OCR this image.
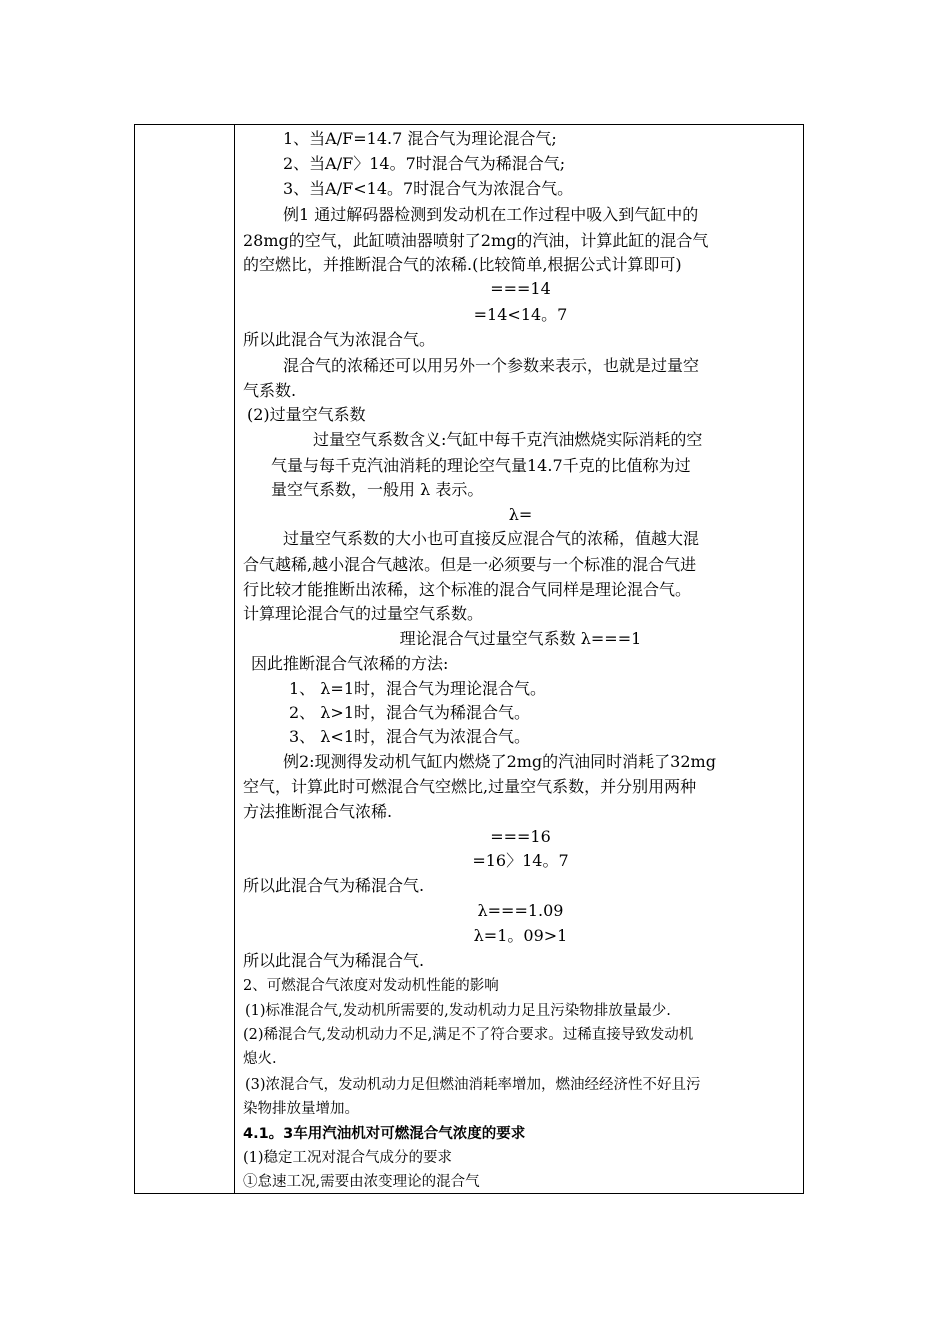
1、当A/F=14.7 混合气为理论混合气;
2、当A/F〉14。7时混合气为稀混合气;
3、当A/F<14。7时混合气为浓混合气。
例1 通过解码器检测到发动机在工作过程中吸入到气缸中的
28mg的空气，此缸喷油器喷射了2mg的汽油，计算此缸的混合气
的空燃比，并推断混合气的浓稀.(比较简单,根据公式计算即可)
===14
=14<14。7
所以此混合气为浓混合气。
混合气的浓稀还可以用另外一个参数来表示，也就是过量空
气系数.
(2)过量空气系数
过量空气系数含义:气缸中每千克汽油燃烧实际消耗的空
气量与每千克汽油消耗的理论空气量14.7千克的比值称为过
量空气系数，一般用 λ 表示。
λ=
过量空气系数的大小也可直接反应混合气的浓稀，值越大混
合气越稀,越小混合气越浓。但是一必须要与一个标准的混合气进
行比较才能推断出浓稀，这个标准的混合气同样是理论混合气。
计算理论混合气的过量空气系数。
理论混合气过量空气系数 λ===1
因此推断混合气浓稀的方法:
1、 λ=1时，混合气为理论混合气。
2、 λ>1时，混合气为稀混合气。
3、 λ<1时，混合气为浓混合气。
例2:现测得发动机气缸内燃烧了2mg的汽油同时消耗了32mg
空气，计算此时可燃混合气空燃比,过量空气系数，并分别用两种
方法推断混合气浓稀.
===16
=16〉14。7
所以此混合气为稀混合气.
λ===1.09
λ=1。09>1
所以此混合气为稀混合气.
2、可燃混合气浓度对发动机性能的影响
(1)标准混合气,发动机所需要的,发动机动力足且污染物排放量最少.
(2)稀混合气,发动机动力不足,满足不了符合要求。过稀直接导致发动机
熄火.
(3)浓混合气，发动机动力足但燃油消耗率增加，燃油经经济性不好且污
染物排放量增加。
4.1。3车用汽油机对可燃混合气浓度的要求
(1)稳定工况对混合气成分的要求
①怠速工况,需要由浓变理论的混合气
